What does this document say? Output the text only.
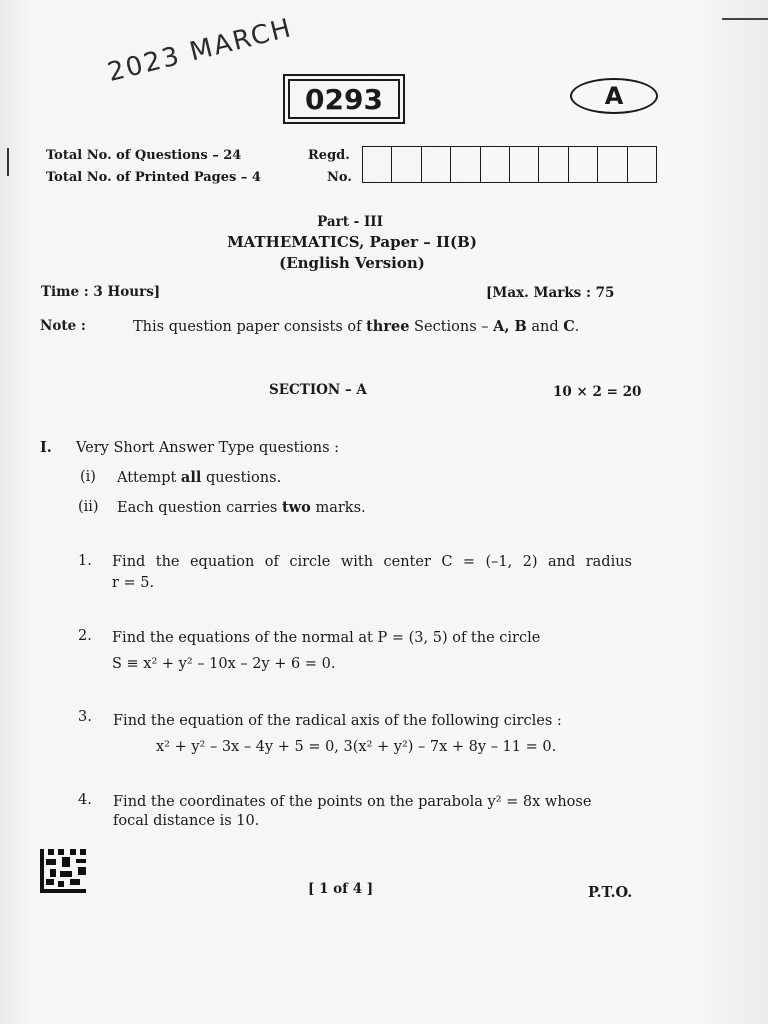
2023 MARCH
0293	A
Total No. of Questions – 24
Total No. of Printed Pages – 4
Regd.
No.
Part - III
MATHEMATICS, Paper – II(B)
(English Version)
Time : 3 Hours]	[Max. Marks : 75
Note :	This question paper consists of three Sections – A, B and C.
SECTION – A	10 × 2 = 20
I. Very Short Answer Type questions :
(i) Attempt all questions.
(ii) Each question carries two marks.
1. Find the equation of circle with center C = (–1, 2) and radius
r = 5.
2. Find the equations of the normal at P = (3, 5) of the circle
S ≡ x² + y² – 10x – 2y + 6 = 0.
3. Find the equation of the radical axis of the following circles :
x² + y² – 3x – 4y + 5 = 0, 3(x² + y²) – 7x + 8y – 11 = 0.
4. Find the coordinates of the points on the parabola y² = 8x whose
focal distance is 10.
[ 1 of 4 ]	P.T.O.
